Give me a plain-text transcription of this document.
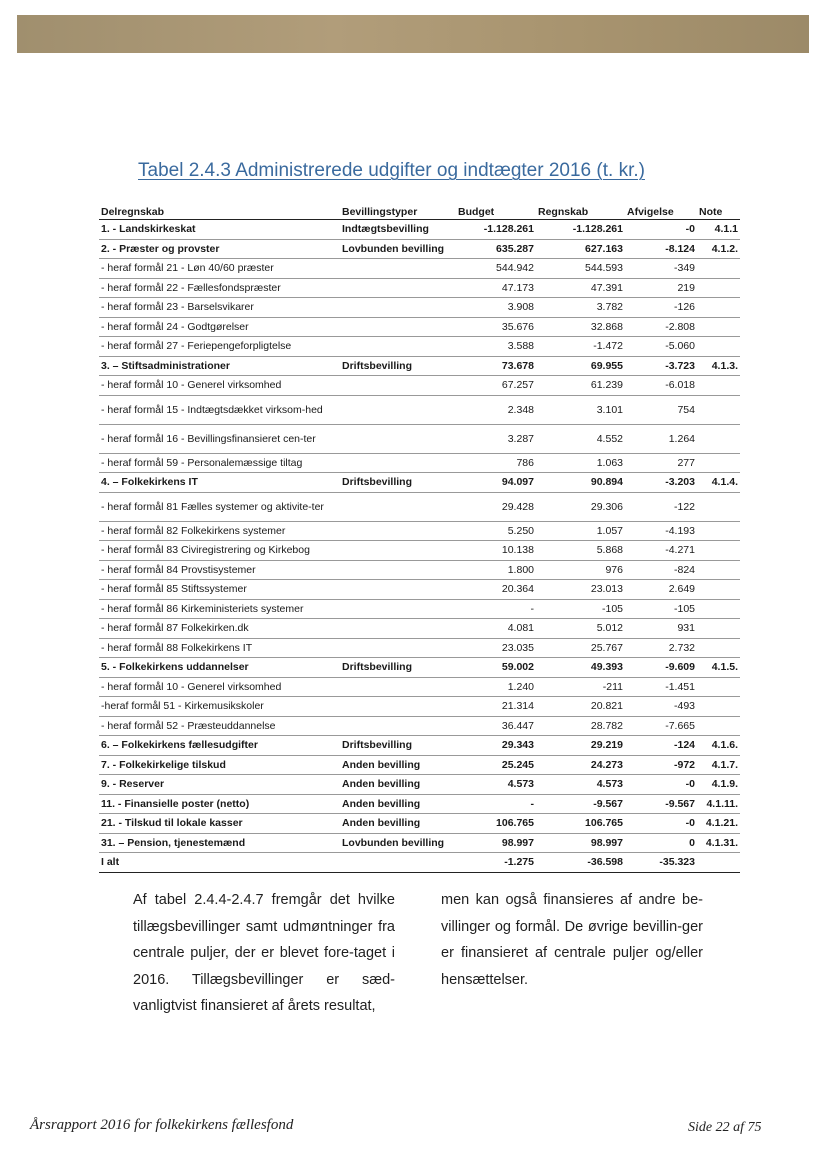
Tabel 2.4.3 Administrerede udgifter og indtægter 2016 (t. kr.)
Delregnskab	Bevillingstyper	Budget	Regnskab	Afvigelse	Note
1. - Landskirkeskat	Indtægtsbevilling	-1.128.261	-1.128.261	-0	4.1.1
2. - Præster og provster	Lovbunden bevilling	635.287	627.163	-8.124	4.1.2.
- heraf formål 21 - Løn 40/60 præster		544.942	544.593	-349	
- heraf formål 22 - Fællesfondspræster		47.173	47.391	219	
- heraf formål 23 - Barselsvikarer		3.908	3.782	-126	
- heraf formål 24 - Godtgørelser		35.676	32.868	-2.808	
- heraf formål 27 - Feriepengeforpligtelse		3.588	-1.472	-5.060	
3. – Stiftsadministrationer	Driftsbevilling	73.678	69.955	-3.723	4.1.3.
- heraf formål 10 - Generel virksomhed		67.257	61.239	-6.018	
- heraf formål 15 - Indtægtsdækket virksom-hed		2.348	3.101	754	
- heraf formål 16 - Bevillingsfinansieret cen-ter		3.287	4.552	1.264	
- heraf formål 59 - Personalemæssige tiltag		786	1.063	277	
4. – Folkekirkens IT	Driftsbevilling	94.097	90.894	-3.203	4.1.4.
- heraf formål 81 Fælles systemer og aktivite-ter		29.428	29.306	-122	
- heraf formål 82 Folkekirkens systemer		5.250	1.057	-4.193	
- heraf formål 83 Civiregistrering og Kirkebog		10.138	5.868	-4.271	
- heraf formål 84 Provstisystemer		1.800	976	-824	
- heraf formål 85 Stiftssystemer		20.364	23.013	2.649	
- heraf formål 86 Kirkeministeriets systemer		-	-105	-105	
- heraf formål 87 Folkekirken.dk		4.081	5.012	931	
- heraf formål 88 Folkekirkens IT		23.035	25.767	2.732	
5. - Folkekirkens uddannelser	Driftsbevilling	59.002	49.393	-9.609	4.1.5.
- heraf formål 10 - Generel virksomhed		1.240	-211	-1.451	
-heraf formål 51 - Kirkemusikskoler		21.314	20.821	-493	
- heraf formål 52 - Præsteuddannelse		36.447	28.782	-7.665	
6. – Folkekirkens fællesudgifter	Driftsbevilling	29.343	29.219	-124	4.1.6.
7. - Folkekirkelige tilskud	Anden bevilling	25.245	24.273	-972	4.1.7.
9. - Reserver	Anden bevilling	4.573	4.573	-0	4.1.9.
11. - Finansielle poster (netto)	Anden bevilling	-	-9.567	-9.567	4.1.11.
21. - Tilskud til lokale kasser	Anden bevilling	106.765	106.765	-0	4.1.21.
31. – Pension, tjenestemænd	Lovbunden bevilling	98.997	98.997	0	4.1.31.
I alt		-1.275	-36.598	-35.323	
Af tabel 2.4.4-2.4.7 fremgår det hvilke tillægsbevillinger samt udmøntninger fra centrale puljer, der er blevet fore-taget i 2016. Tillægsbevillinger er sæd-vanligtvist finansieret af årets resultat,
men kan også finansieres af andre be-villinger og formål. De øvrige bevillin-ger er finansieret af centrale puljer og/eller hensættelser.
Årsrapport 2016 for folkekirkens fællesfond	Side 22 af 75
